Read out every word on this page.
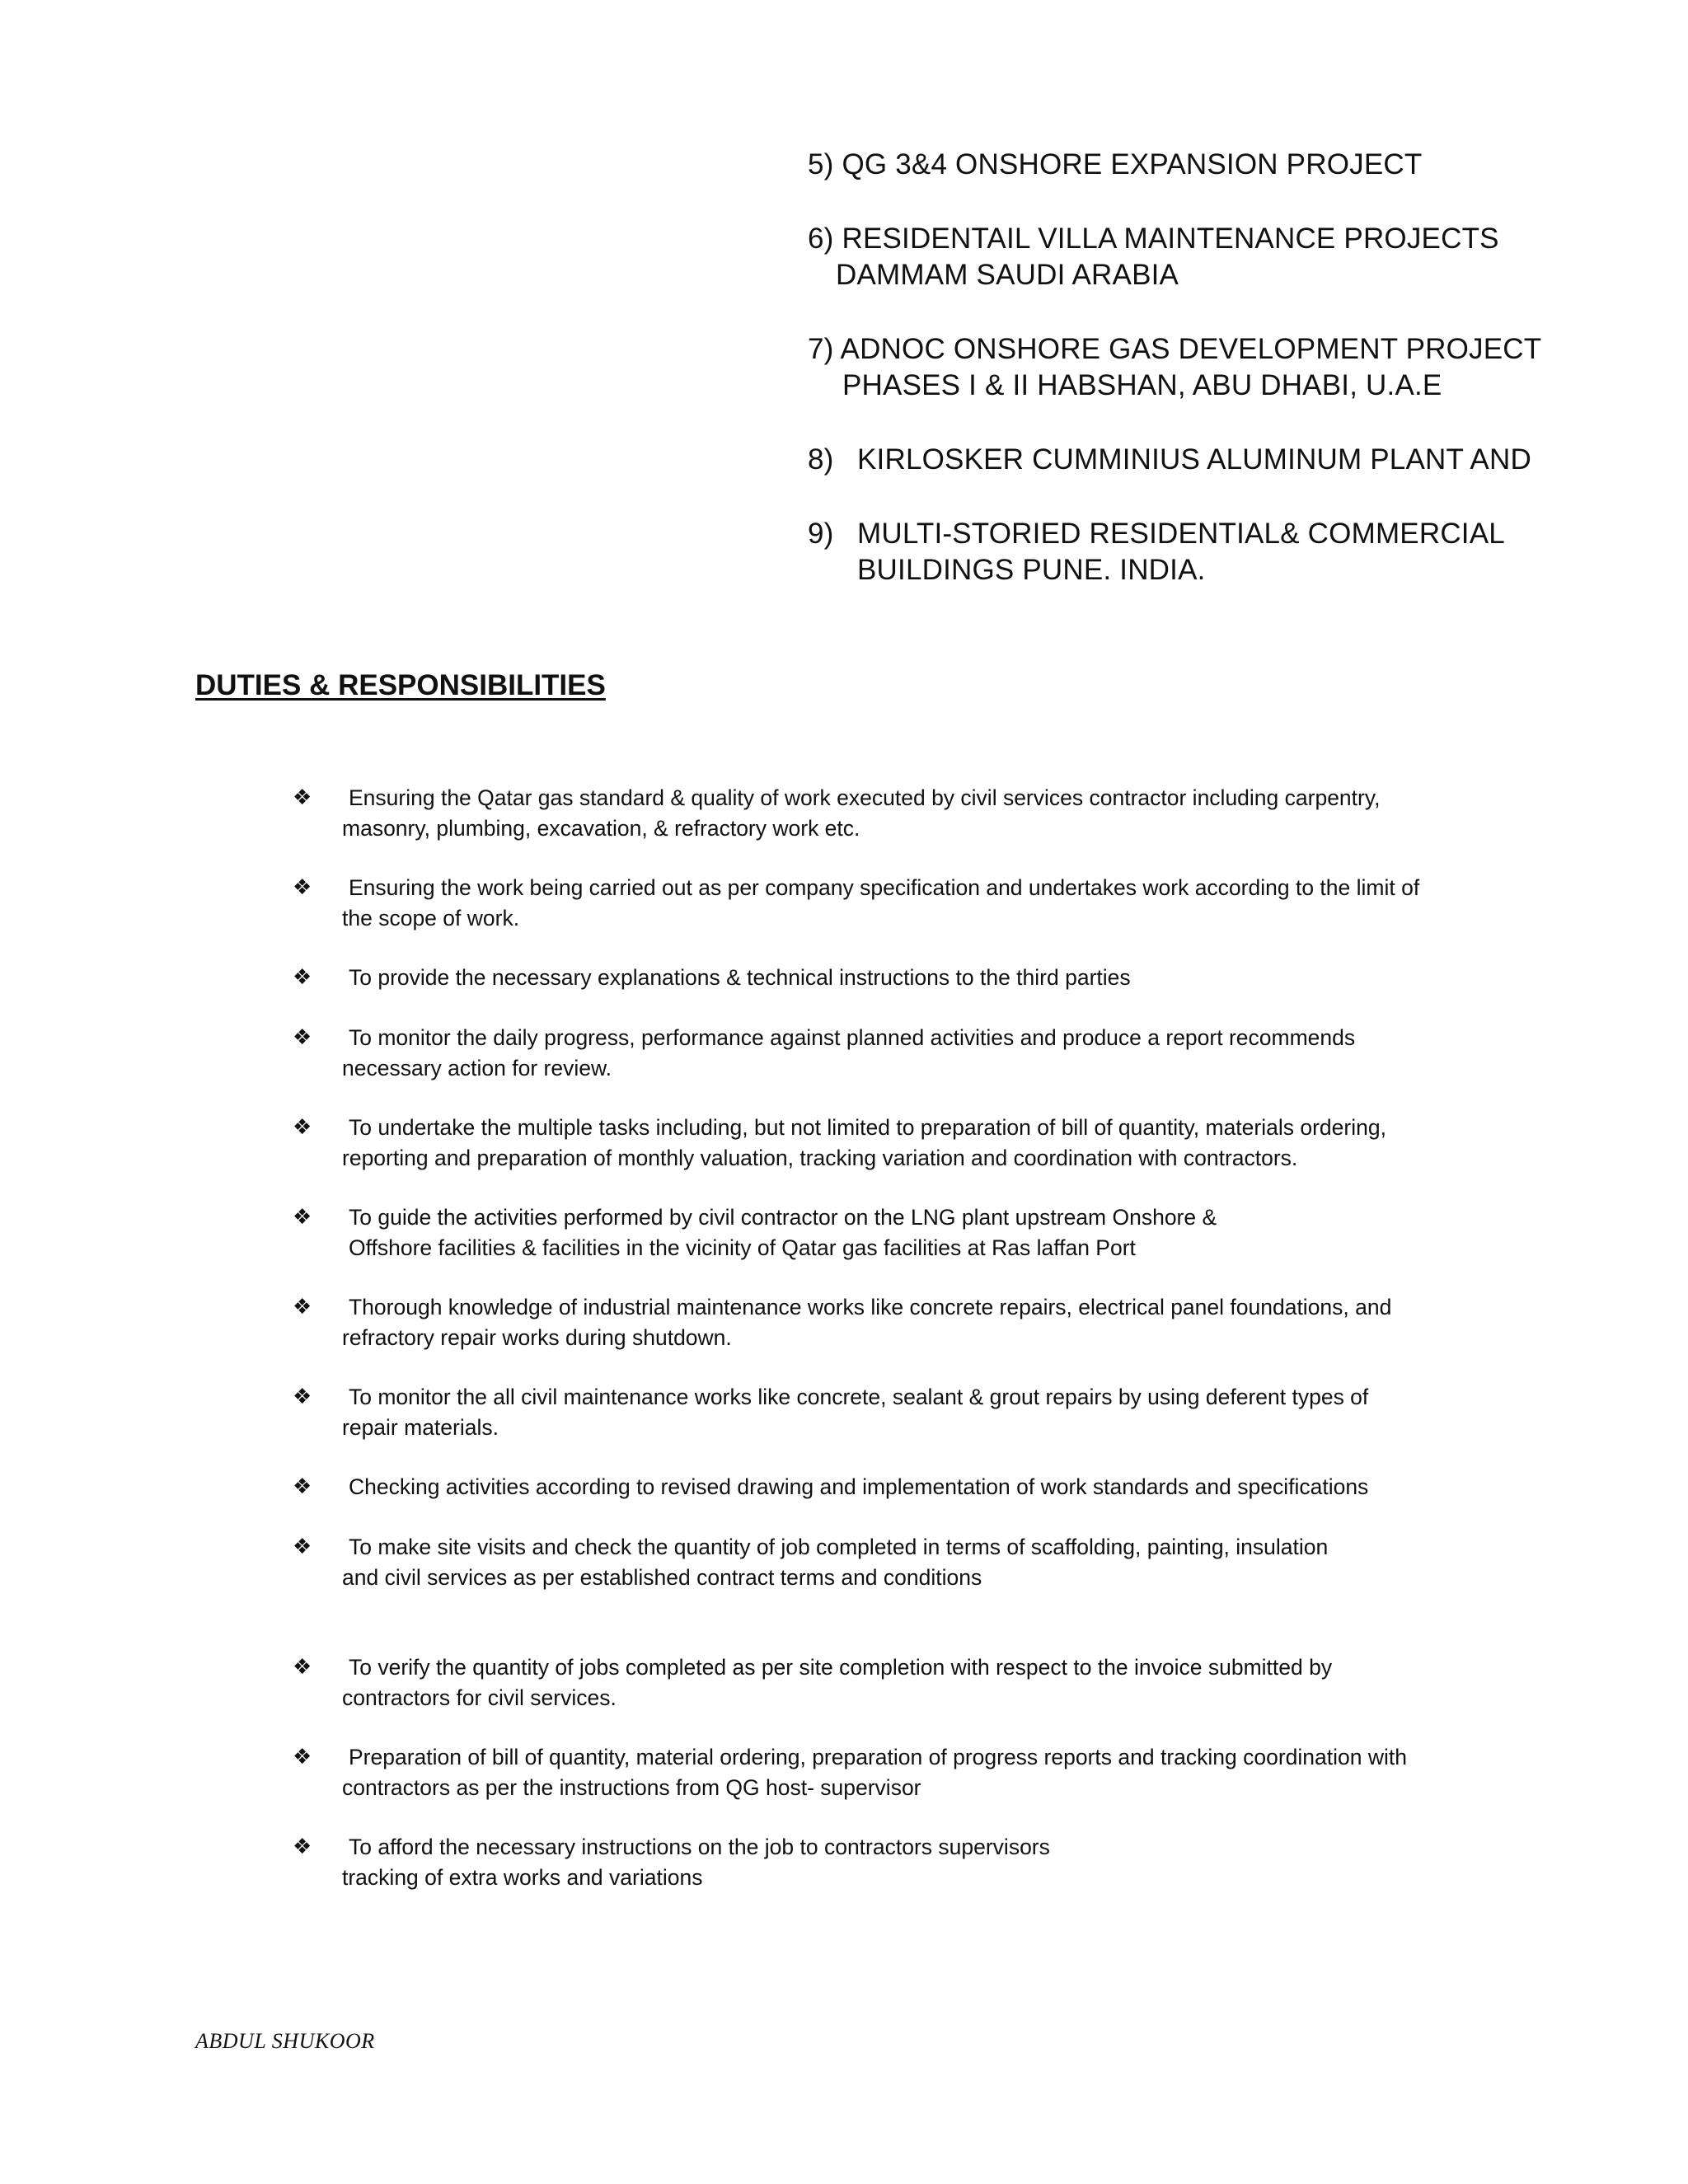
5) QG 3&4 ONSHORE EXPANSION PROJECT
6) RESIDENTAIL VILLA MAINTENANCE PROJECTS
DAMMAM SAUDI ARABIA
7) ADNOC ONSHORE GAS DEVELOPMENT PROJECT
PHASES I & II HABSHAN, ABU DHABI, U.A.E
8) KIRLOSKER CUMMINIUS ALUMINUM PLANT AND
9) MULTI-STORIED RESIDENTIAL& COMMERCIAL
BUILDINGS PUNE. INDIA.
DUTIES & RESPONSIBILITIES
❖	Ensuring the Qatar gas standard & quality of work executed by civil services contractor including carpentry,
masonry, plumbing, excavation, & refractory work etc.
❖	Ensuring the work being carried out as per company specification and undertakes work according to the limit of
the scope of work.
❖	To provide the necessary explanations & technical instructions to the third parties
❖	To monitor the daily progress, performance against planned activities and produce a report recommends
necessary action for review.
❖	To undertake the multiple tasks including, but not limited to preparation of bill of quantity, materials ordering,
reporting and preparation of monthly valuation, tracking variation and coordination with contractors.
❖	To guide the activities performed by civil contractor on the LNG plant upstream Onshore &
Offshore facilities & facilities in the vicinity of Qatar gas facilities at Ras laffan Port
❖	Thorough knowledge of industrial maintenance works like concrete repairs, electrical panel foundations, and
refractory repair works during shutdown.
❖	To monitor the all civil maintenance works like concrete, sealant & grout repairs by using deferent types of
repair materials.
❖	Checking activities according to revised drawing and implementation of work standards and specifications
❖	To make site visits and check the quantity of job completed in terms of scaffolding, painting, insulation
and civil services as per established contract terms and conditions
❖	To verify the quantity of jobs completed as per site completion with respect to the invoice submitted by
contractors for civil services.
❖	Preparation of bill of quantity, material ordering, preparation of progress reports and tracking coordination with
contractors as per the instructions from QG host- supervisor
❖	To afford the necessary instructions on the job to contractors supervisors
tracking of extra works and variations
ABDUL SHUKOOR
